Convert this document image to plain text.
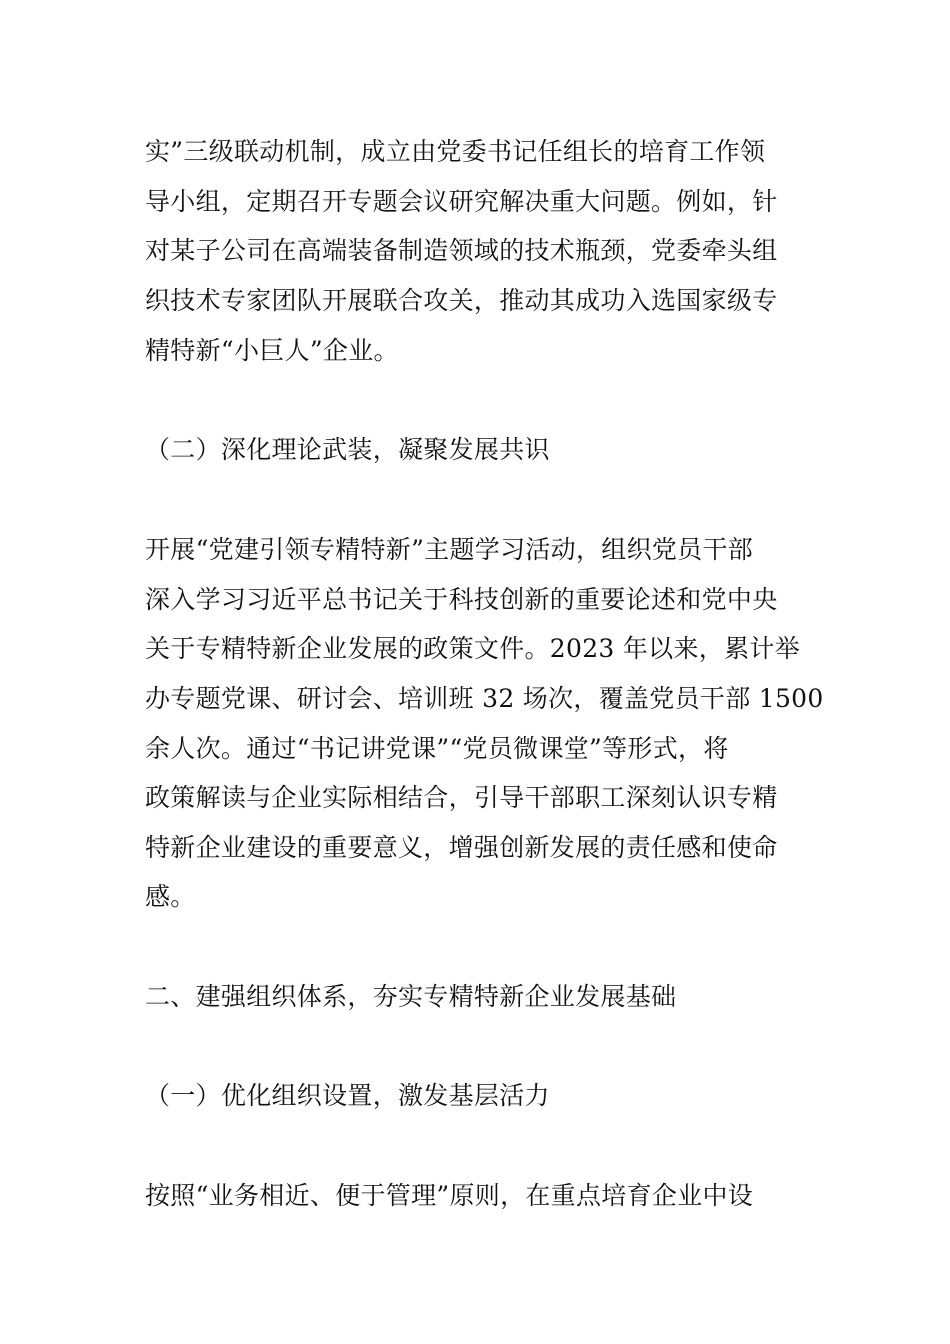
实”三级联动机制，成立由党委书记任组长的培育工作领
导小组，定期召开专题会议研究解决重大问题。例如，针
对某子公司在高端装备制造领域的技术瓶颈，党委牵头组
织技术专家团队开展联合攻关，推动其成功入选国家级专
精特新“小巨人”企业。
（二）深化理论武装，凝聚发展共识
开展“党建引领专精特新”主题学习活动，组织党员干部
深入学习习近平总书记关于科技创新的重要论述和党中央
关于专精特新企业发展的政策文件。2023 年以来，累计举
办专题党课、研讨会、培训班 32 场次，覆盖党员干部 1500
余人次。通过“书记讲党课”“党员微课堂”等形式，将
政策解读与企业实际相结合，引导干部职工深刻认识专精
特新企业建设的重要意义，增强创新发展的责任感和使命
感。
二、建强组织体系，夯实专精特新企业发展基础
（一）优化组织设置，激发基层活力
按照“业务相近、便于管理”原则，在重点培育企业中设
